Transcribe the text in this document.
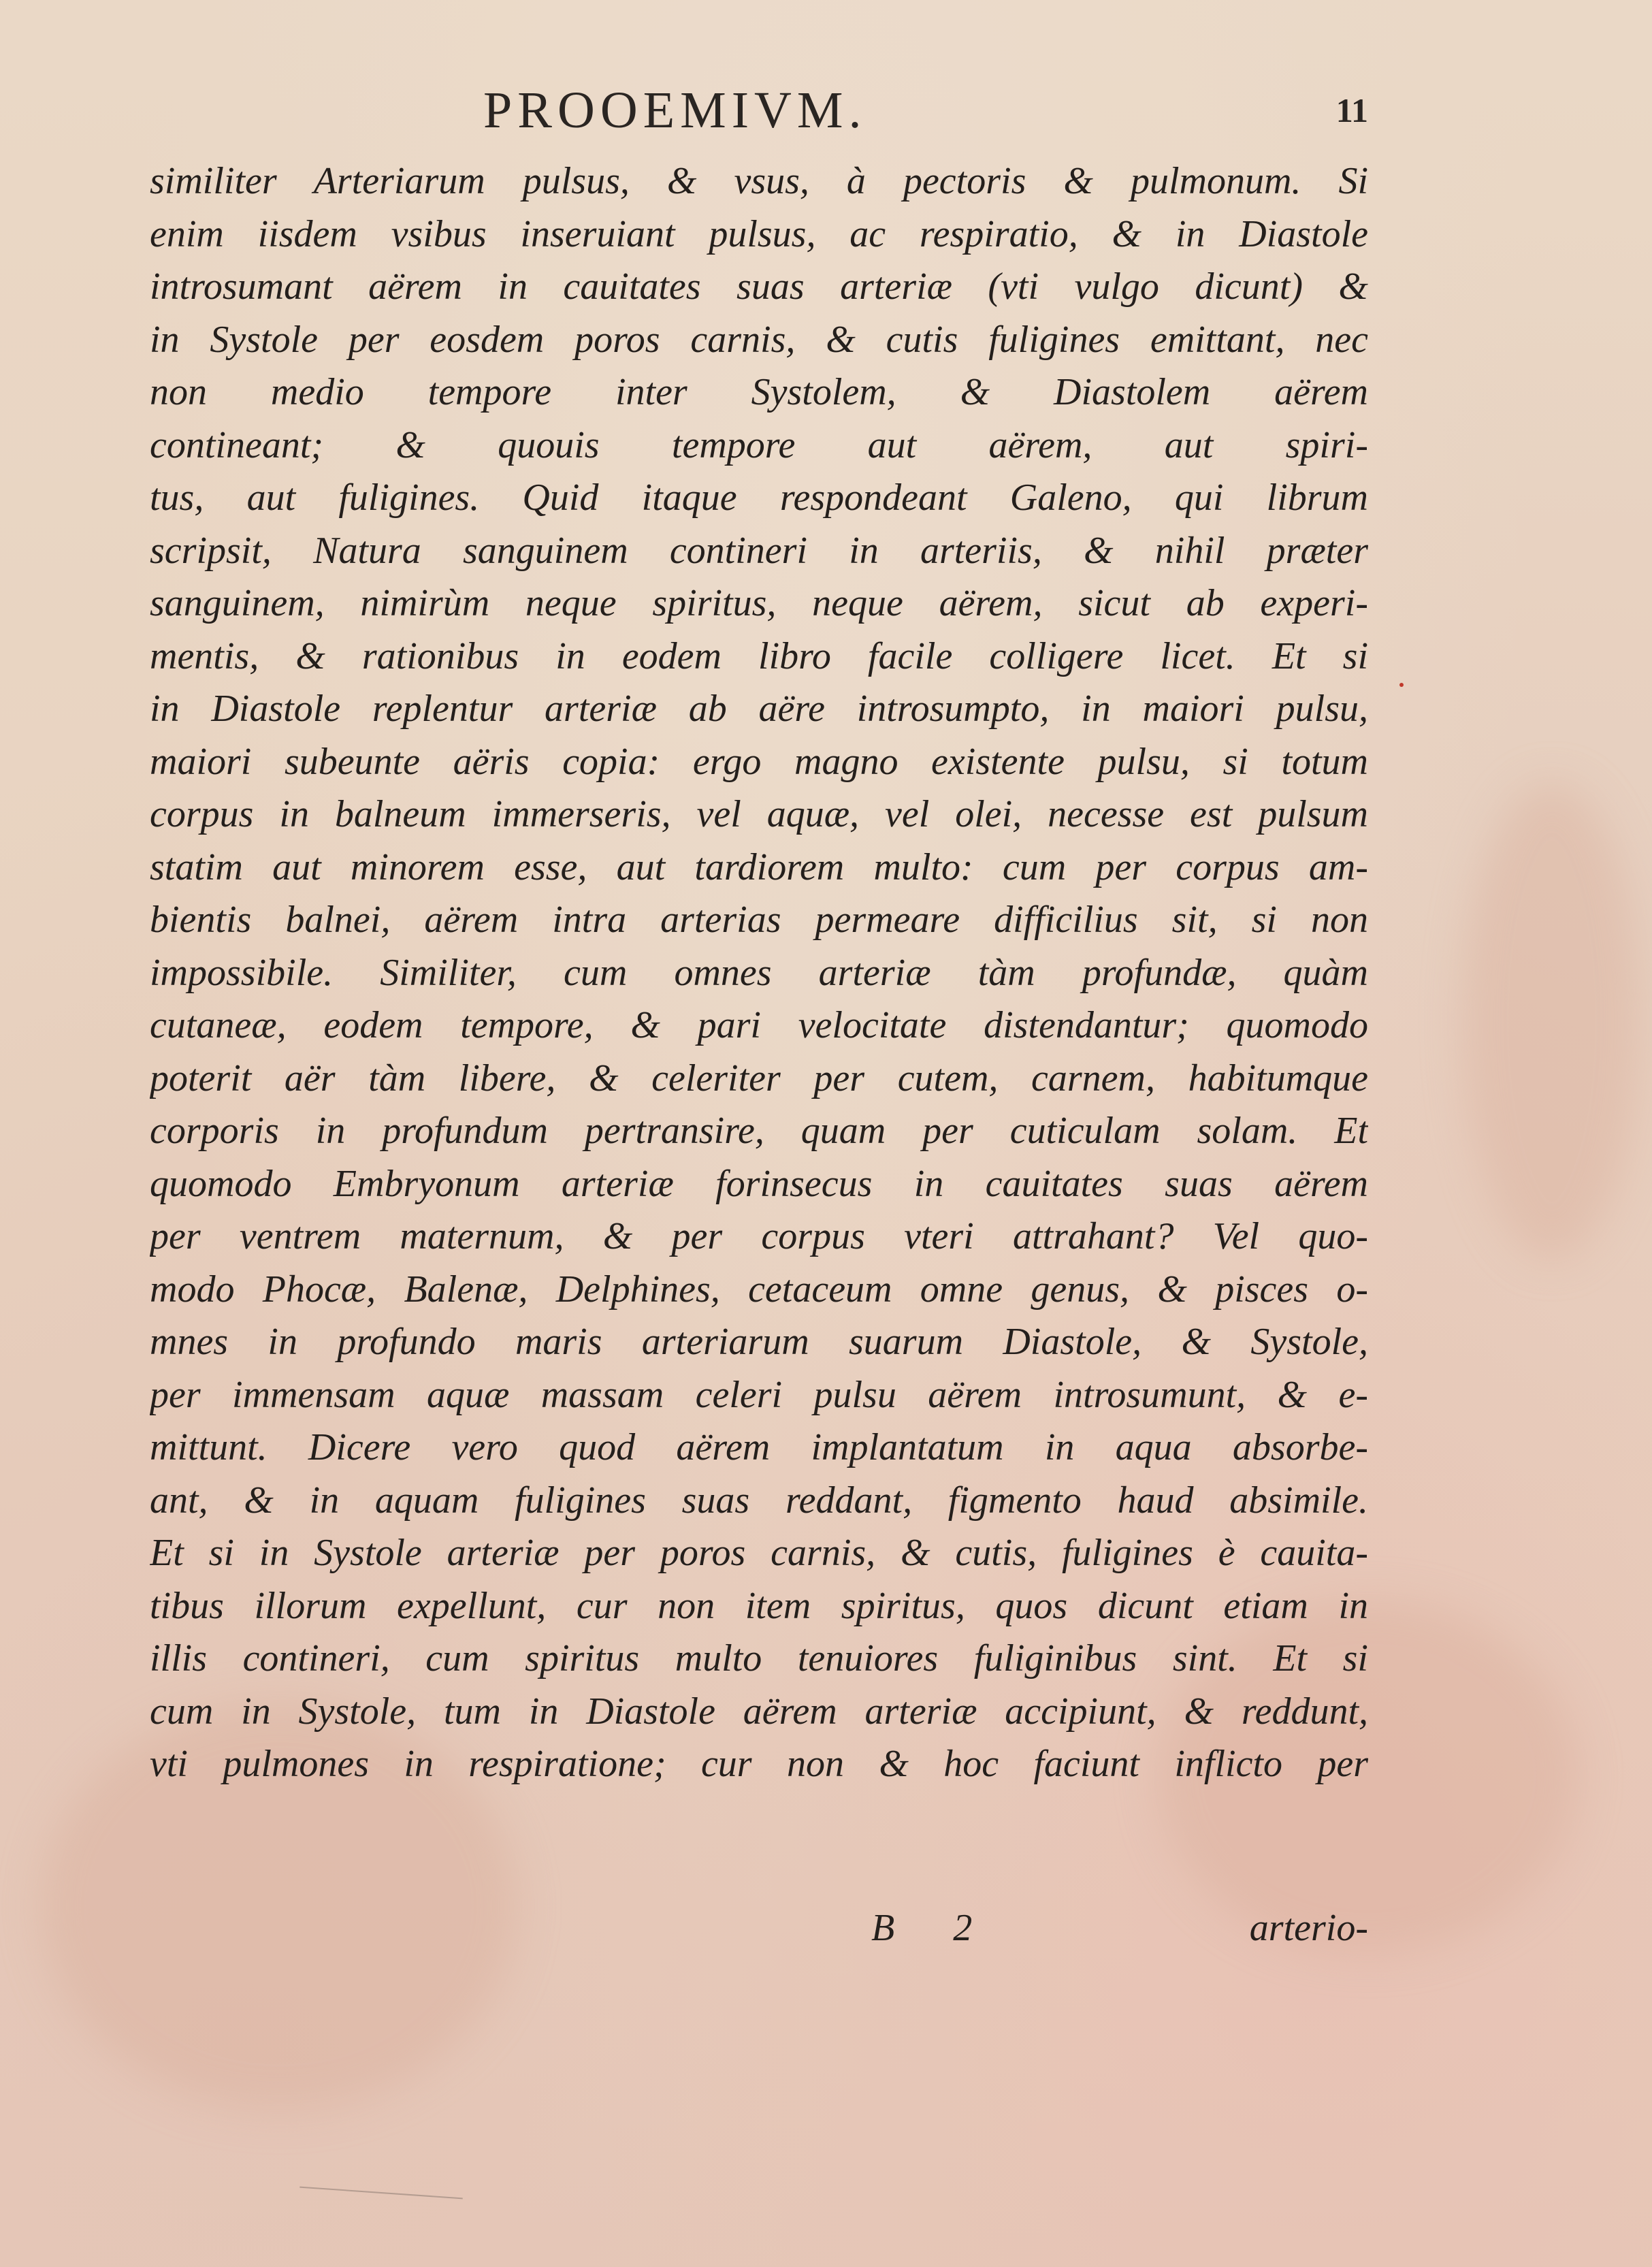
PROOEMIVM.	11
similiter Arteriarum pulsus, & vsus, à pectoris & pulmonum. Si
enim iisdem vsibus inseruiant pulsus, ac respiratio, & in Diastole
introsumant aërem in cauitates suas arteriæ (vti vulgo dicunt) &
in Systole per eosdem poros carnis, & cutis fuligines emittant, nec
non medio tempore inter Systolem, & Diastolem aërem
contineant; & quouis tempore aut aërem, aut spiri-
tus, aut fuligines. Quid itaque respondeant Galeno, qui librum
scripsit, Natura sanguinem contineri in arteriis, & nihil præter
sanguinem, nimirùm neque spiritus, neque aërem, sicut ab experi-
mentis, & rationibus in eodem libro facile colligere licet. Et si
in Diastole replentur arteriæ ab aëre introsumpto, in maiori pulsu,
maiori subeunte aëris copia: ergo magno existente pulsu, si totum
corpus in balneum immerseris, vel aquæ, vel olei, necesse est pulsum
statim aut minorem esse, aut tardiorem multo: cum per corpus am-
bientis balnei, aërem intra arterias permeare difficilius sit, si non
impossibile. Similiter, cum omnes arteriæ tàm profundæ, quàm
cutaneæ, eodem tempore, & pari velocitate distendantur; quomodo
poterit aër tàm libere, & celeriter per cutem, carnem, habitumque
corporis in profundum pertransire, quam per cuticulam solam. Et
quomodo Embryonum arteriæ forinsecus in cauitates suas aërem
per ventrem maternum, & per corpus vteri attrahant? Vel quo-
modo Phocæ, Balenæ, Delphines, cetaceum omne genus, & pisces o-
mnes in profundo maris arteriarum suarum Diastole, & Systole,
per immensam aquæ massam celeri pulsu aërem introsumunt, & e-
mittunt. Dicere vero quod aërem implantatum in aqua absorbe-
ant, & in aquam fuligines suas reddant, figmento haud absimile.
Et si in Systole arteriæ per poros carnis, & cutis, fuligines è cauita-
tibus illorum expellunt, cur non item spiritus, quos dicunt etiam in
illis contineri, cum spiritus multo tenuiores fuliginibus sint. Et si
cum in Systole, tum in Diastole aërem arteriæ accipiunt, & reddunt,
vti pulmones in respiratione; cur non & hoc faciunt inflicto per
B 2	arterio-
